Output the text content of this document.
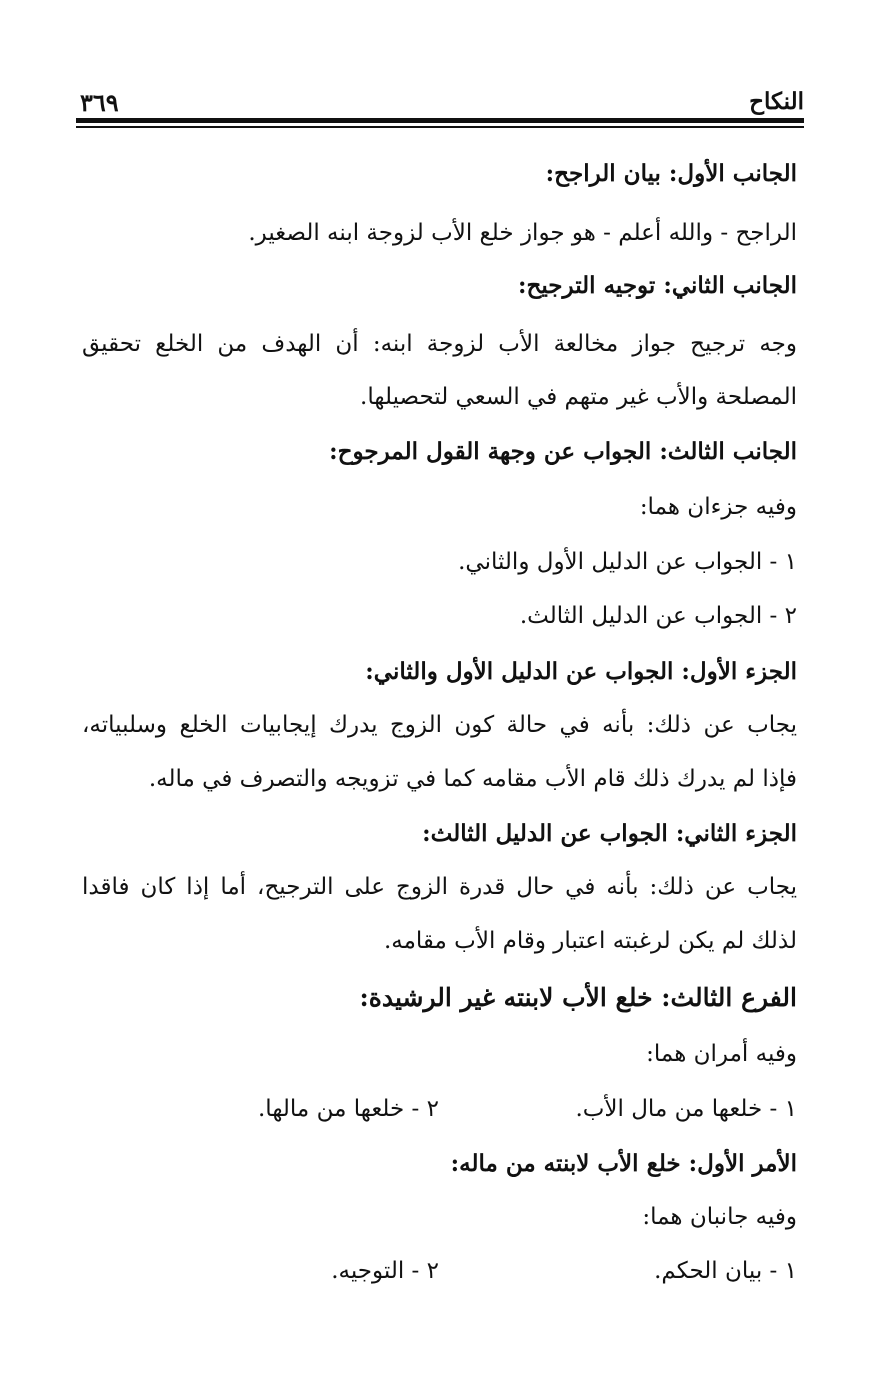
النكاح
٣٦٩
الجانب الأول: بيان الراجح:
الراجح - والله أعلم - هو جواز خلع الأب لزوجة ابنه الصغير.
الجانب الثاني: توجيه الترجيح:
وجه ترجيح جواز مخالعة الأب لزوجة ابنه: أن الهدف من الخلع تحقيق
المصلحة والأب غير متهم في السعي لتحصيلها.
الجانب الثالث: الجواب عن وجهة القول المرجوح:
وفيه جزءان هما:
١ - الجواب عن الدليل الأول والثاني.
٢ - الجواب عن الدليل الثالث.
الجزء الأول: الجواب عن الدليل الأول والثاني:
يجاب عن ذلك: بأنه في حالة كون الزوج يدرك إيجابيات الخلع وسلبياته،
فإذا لم يدرك ذلك قام الأب مقامه كما في تزويجه والتصرف في ماله.
الجزء الثاني: الجواب عن الدليل الثالث:
يجاب عن ذلك: بأنه في حال قدرة الزوج على الترجيح، أما إذا كان فاقدا
لذلك لم يكن لرغبته اعتبار وقام الأب مقامه.
الفرع الثالث: خلع الأب لابنته غير الرشيدة:
وفيه أمران هما:
١ - خلعها من مال الأب.
٢ - خلعها من مالها.
الأمر الأول: خلع الأب لابنته من ماله:
وفيه جانبان هما:
١ - بيان الحكم.
٢ - التوجيه.
